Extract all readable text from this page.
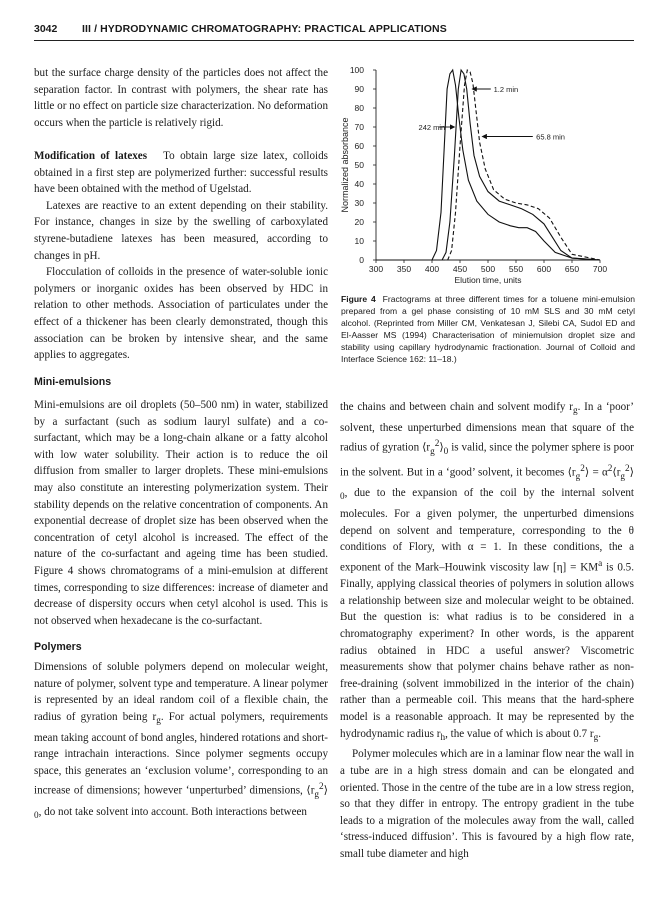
3042 III / HYDRODYNAMIC CHROMATOGRAPHY: PRACTICAL APPLICATIONS

but the surface charge density of the particles does not affect the separation factor. In contrast with polymers, the shear rate has little or no effect on particle size characterization. No deformation occurs when the particle is relatively rigid.

Modification of latexes To obtain large size latex, colloids obtained in a first step are polymerized further: successful results have been obtained with the method of Ugelstad.

Latexes are reactive to an extent depending on their stability. For instance, changes in size by the swelling of carboxylated styrene-butadiene latexes has been measured, according to changes in pH.

Flocculation of colloids in the presence of water-soluble ionic polymers or inorganic oxides has been observed by HDC in relation to other methods. Association of particulates under the effect of a thickener has been clearly demonstrated, though this association can be broken by intensive shear, and the same applies to aggregates.

Mini-emulsions
0
10
20
30
40
50
60
70
80
90
100
300 350 400 450 500 550 600 650 700
Elution time, units
Normalized absorbance
1.2 min
242 min
65.8 min
Figure 4 Fractograms at three different times for a toluene mini-emulsion prepared from a gel phase consisting of 10 mM SLS and 30 mM cetyl alcohol. (Reprinted from Miller CM, Venkatesan J, Silebi CA, Sudol ED and El-Aasser MS (1994) Characterisation of miniemulsion droplet size and stability using capillary hydrodynamic fractionation. Journal of Colloid and Interface Science 162: 11–18.)

Mini-emulsions are oil droplets (50–500 nm) in water, stabilized by a surfactant (such as sodium lauryl sulfate) and a co-surfactant, which may be a long-chain alkane or a fatty alcohol with low water solubility. Their action is to reduce the oil diffusion from smaller to larger droplets. These mini-emulsions may also constitute an interesting polymerization system. Their stability depends on the relative concentration of components. An exponential decrease of droplet size has been observed when the concentration of cetyl alcohol is increased. The effect of the nature of the co-surfactant and ageing time has been studied. Figure 4 shows chromatograms of a mini-emulsion at different times, corresponding to size differences: increase of diameter and decrease of dispersity occurs when cetyl alcohol is used. This is not observed when hexadecane is the co-surfactant.

Polymers

Dimensions of soluble polymers depend on molecular weight, nature of polymer, solvent type and temperature. A linear polymer is represented by an ideal random coil of a flexible chain, the radius of gyration being $r_g$. For actual polymers, requirements mean taking account of bond angles, hindered rotations and short-range intrachain interactions. Since polymer segments occupy space, this generates an ‘exclusion volume’, corresponding to an increase of dimensions; however ‘unperturbed’ dimensions, $⟨r_g^2⟩_0$, do not take solvent into account. Both interactions between

the chains and between chain and solvent modify $r_g$. In a ‘poor’ solvent, these unperturbed dimensions mean that square of the radius of gyration $⟨r_g^2⟩_0$ is valid, since the polymer sphere is poor in the solvent. But in a ‘good’ solvent, it becomes $⟨r_g^2⟩$ = $\alpha^2⟨r_g^2⟩_0$, due to the expansion of the coil by the internal solvent molecules. For a given polymer, the unperturbed dimensions depend on solvent and temperature, corresponding to the θ conditions of Flory, with α = 1. In these conditions, the a exponent of the Mark–Houwink viscosity law $[\eta] = KM^a$ is 0.5. Finally, applying classical theories of polymers in solution allows a relationship between size and molecular weight to be obtained. But the question is: what radius is to be considered in a chromatography experiment? In other words, is the apparent radius obtained in HDC a useful answer? Viscometric measurements show that polymer chains behave rather as non-free-draining (solvent immobilized in the interior of the chain) rather than a permeable coil. This means that the hard-sphere model is a reasonable approach. It may be represented by the hydrodynamic radius $r_h$, the value of which is about 0.7 $r_g$.

Polymer molecules which are in a laminar flow near the wall in a tube are in a high stress domain and can be elongated and oriented. Those in the centre of the tube are in a low stress region, so that they differ in entropy. The entropy gradient in the tube leads to a migration of the molecules away from the wall, called ‘stress-induced diffusion’. This is favoured by a high flow rate, small tube diameter and high
